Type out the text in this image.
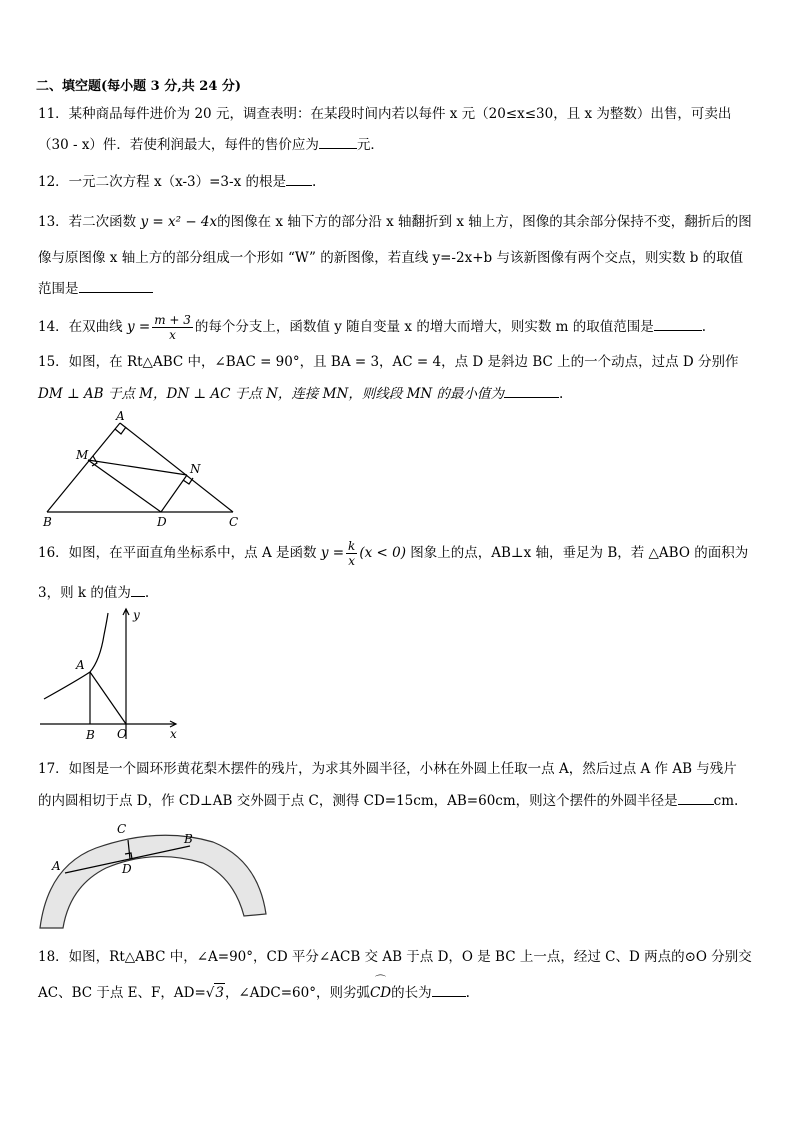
二、填空题(每小题 3 分,共 24 分)
11．某种商品每件进价为 20 元，调查表明：在某段时间内若以每件 x 元（20≤x≤30，且 x 为整数）出售，可卖出
（30 - x）件．若使利润最大，每件的售价应为	元．
12．一元二次方程 x（x-3）=3-x 的根是 .
13．若二次函数 y = x² − 4x的图像在 x 轴下方的部分沿 x 轴翻折到 x 轴上方，图像的其余部分保持不变，翻折后的图
像与原图像 x 轴上方的部分组成一个形如 “W” 的新图像，若直线 y=-2x+b 与该新图像有两个交点，则实数 b 的取值
范围是
14．在双曲线 $y = \frac{m + 3}{x}$ 的每个分支上，函数值 y 随自变量 x 的增大而增大，则实数 m 的取值范围是	.
15．如图，在 Rt△ABC 中，∠BAC = 90°，且 BA = 3，AC = 4，点 D 是斜边 BC 上的一个动点，过点 D 分别作
DM ⊥ AB 于点 M，DN ⊥ AC 于点 N，连接 MN，则线段 MN 的最小值为	.
A
M
N
B	D	C
16．如图，在平面直角坐标系中，点 A 是函数 $y = \frac{k}{x} (x < 0)$ 图象上的点，AB⊥x 轴，垂足为 B，若 △ABO 的面积为
3，则 k 的值为 .
y
A
B O	x
17．如图是一个圆环形黄花梨木摆件的残片，为求其外圆半径，小林在外圆上任取一点 A，然后过点 A 作 AB 与残片
的内圆相切于点 D，作 CD⊥AB 交外圆于点 C，测得 CD=15cm，AB=60cm，则这个摆件的外圆半径是	cm.
C
B
A	D
18．如图，Rt△ABC 中，∠A=90°，CD 平分∠ACB 交 AB 于点 D，O 是 BC 上一点，经过 C、D 两点的⊙O 分别交
AC、BC 于点 E、F，AD=√3，∠ADC=60°，则劣弧
⌒
CD的长为	.
